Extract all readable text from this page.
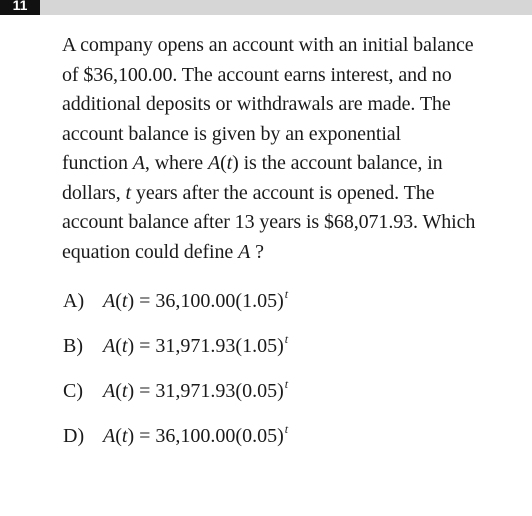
11
A company opens an account with an initial balance
of $36,100.00. The account earns interest, and no
additional deposits or withdrawals are made. The
account balance is given by an exponential
function A, where A(t) is the account balance, in
dollars, t years after the account is opened. The
account balance after 13 years is $68,071.93. Which
equation could define A ?
A) $A(t) = 36,100.00(1.05)^t$
B)	$A(t) = 31,971.93(1.05)^t$
C)	$A(t) = 31,971.93(0.05)^t$
D) $A(t) = 36,100.00(0.05)^t$
